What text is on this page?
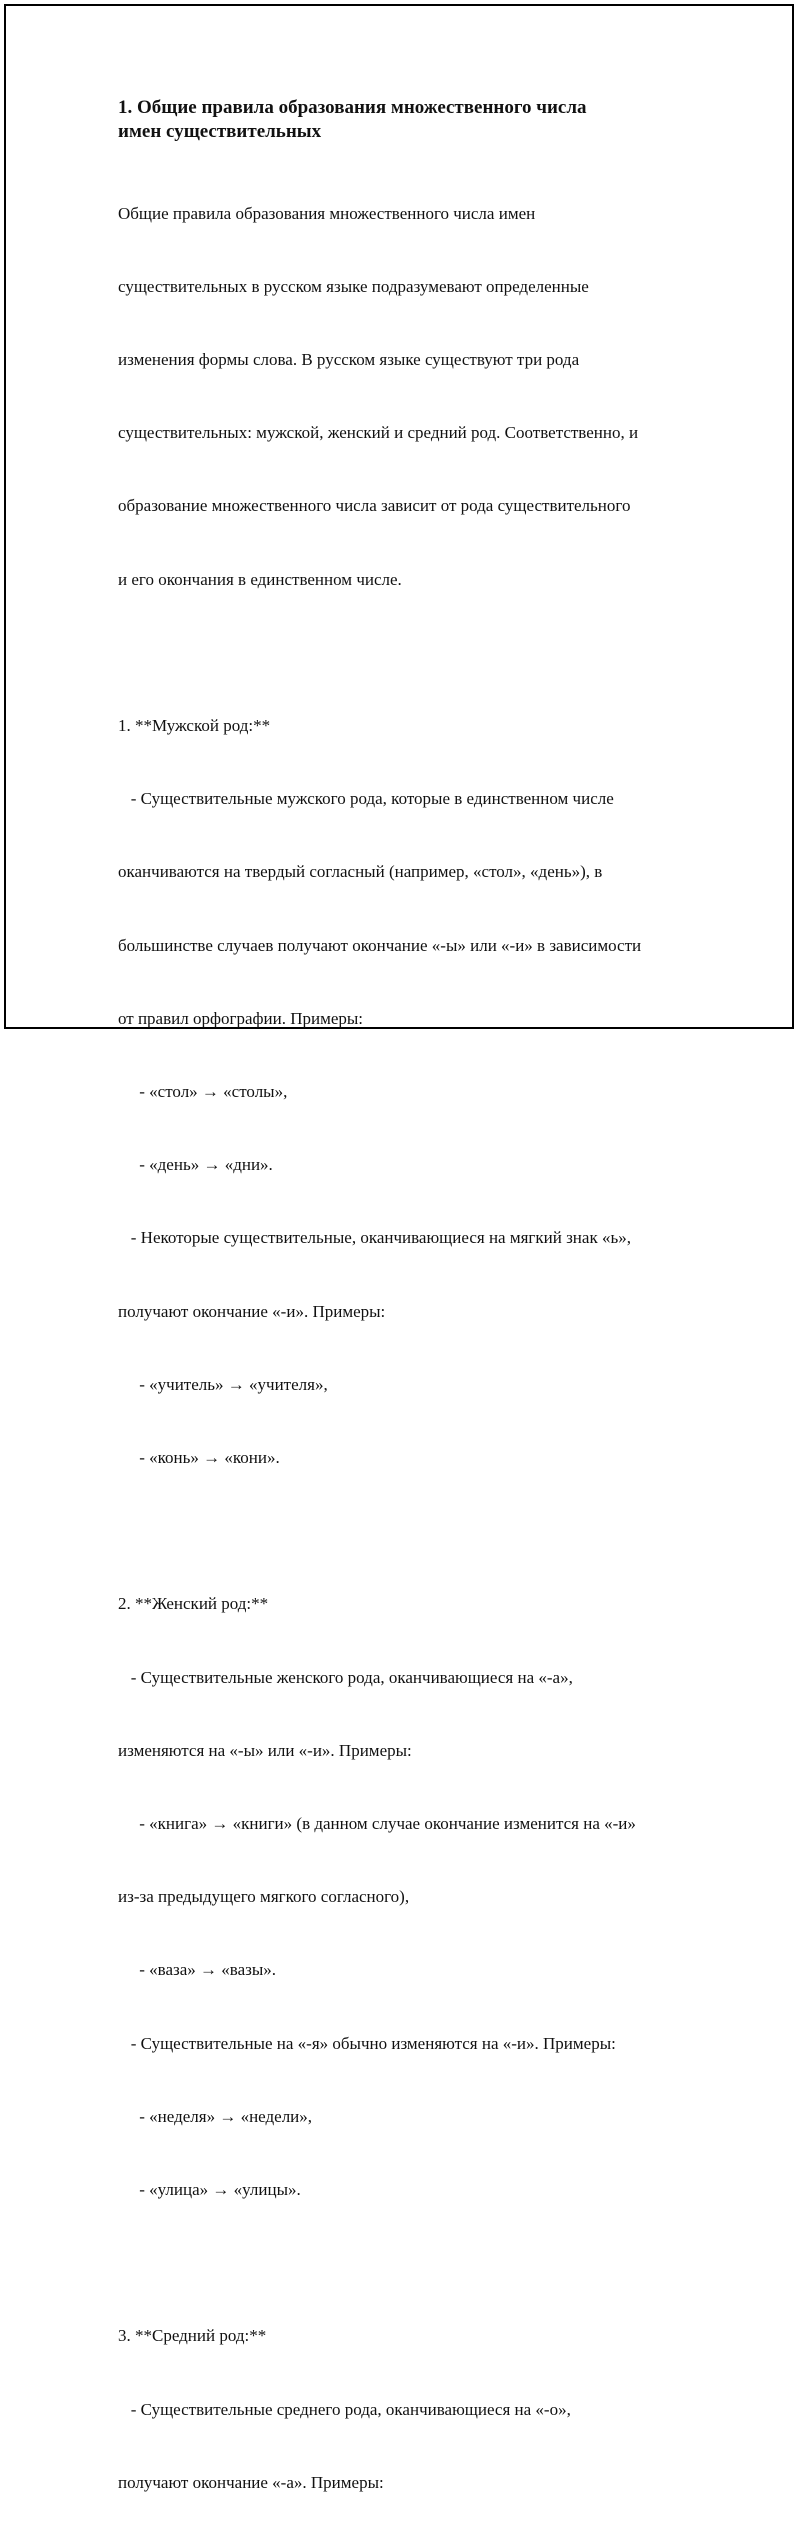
1. Общие правила образования множественного числа
имен существительных

Общие правила образования множественного числа имен

существительных в русском языке подразумевают определенные

изменения формы слова. В русском языке существуют три рода

существительных: мужской, женский и средний род. Соответственно, и

образование множественного числа зависит от рода существительного

и его окончания в единственном числе.

1. **Мужской род:**

- Существительные мужского рода, которые в единственном числе

оканчиваются на твердый согласный (например, «стол», «день»), в

большинстве случаев получают окончание «-ы» или «-и» в зависимости

от правил орфографии. Примеры:

- «стол» → «столы»,

- «день» → «дни».

- Некоторые существительные, оканчивающиеся на мягкий знак «ь»,

получают окончание «-и». Примеры:

- «учитель» → «учителя»,

- «конь» → «кони».

2. **Женский род:**

- Существительные женского рода, оканчивающиеся на «-а»,

изменяются на «-ы» или «-и». Примеры:

- «книга» → «книги» (в данном случае окончание изменится на «-и»

из-за предыдущего мягкого согласного),

- «ваза» → «вазы».

- Существительные на «-я» обычно изменяются на «-и». Примеры:

- «неделя» → «недели»,

- «улица» → «улицы».

3. **Средний род:**

- Существительные среднего рода, оканчивающиеся на «-о»,

получают окончание «-а». Примеры:
